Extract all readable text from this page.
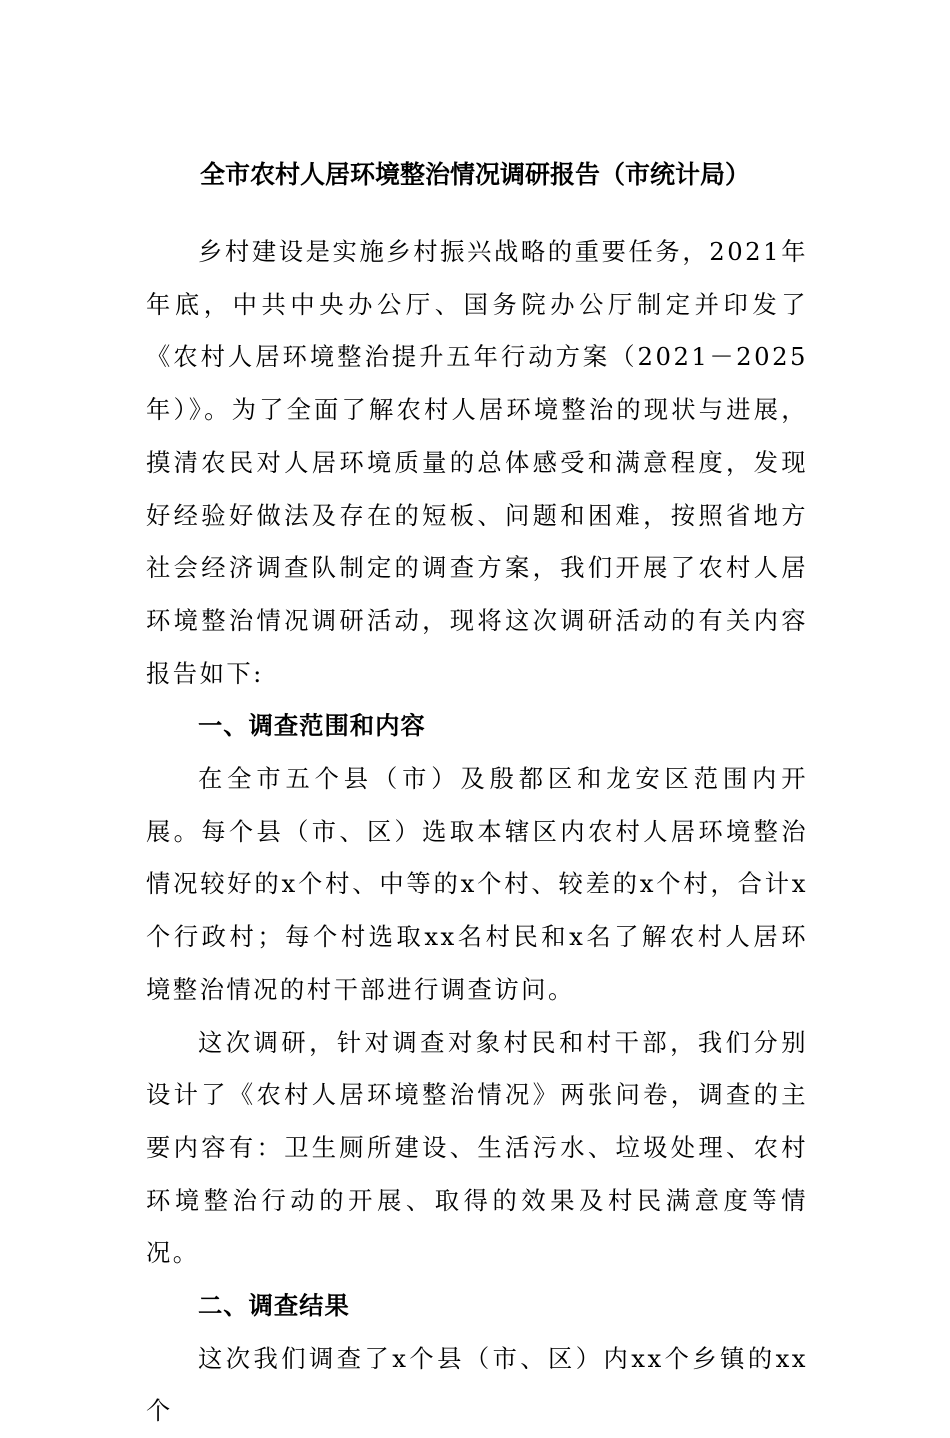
全市农村人居环境整治情况调研报告（市统计局）

乡村建设是实施乡村振兴战略的重要任务，2021年年底，中共中央办公厅、国务院办公厅制定并印发了《农村人居环境整治提升五年行动方案（2021－2025年）》。为了全面了解农村人居环境整治的现状与进展，摸清农民对人居环境质量的总体感受和满意程度，发现好经验好做法及存在的短板、问题和困难，按照省地方社会经济调查队制定的调查方案，我们开展了农村人居环境整治情况调研活动，现将这次调研活动的有关内容报告如下:

一、调查范围和内容

在全市五个县（市）及殷都区和龙安区范围内开展。每个县（市、区）选取本辖区内农村人居环境整治情况较好的x个村、中等的x个村、较差的x个村，合计x个行政村；每个村选取xx名村民和x名了解农村人居环境整治情况的村干部进行调查访问。

这次调研，针对调查对象村民和村干部，我们分别设计了《农村人居环境整治情况》两张问卷，调查的主要内容有：卫生厕所建设、生活污水、垃圾处理、农村环境整治行动的开展、取得的效果及村民满意度等情况。

二、调查结果

这次我们调查了x个县（市、区）内xx个乡镇的xx个
